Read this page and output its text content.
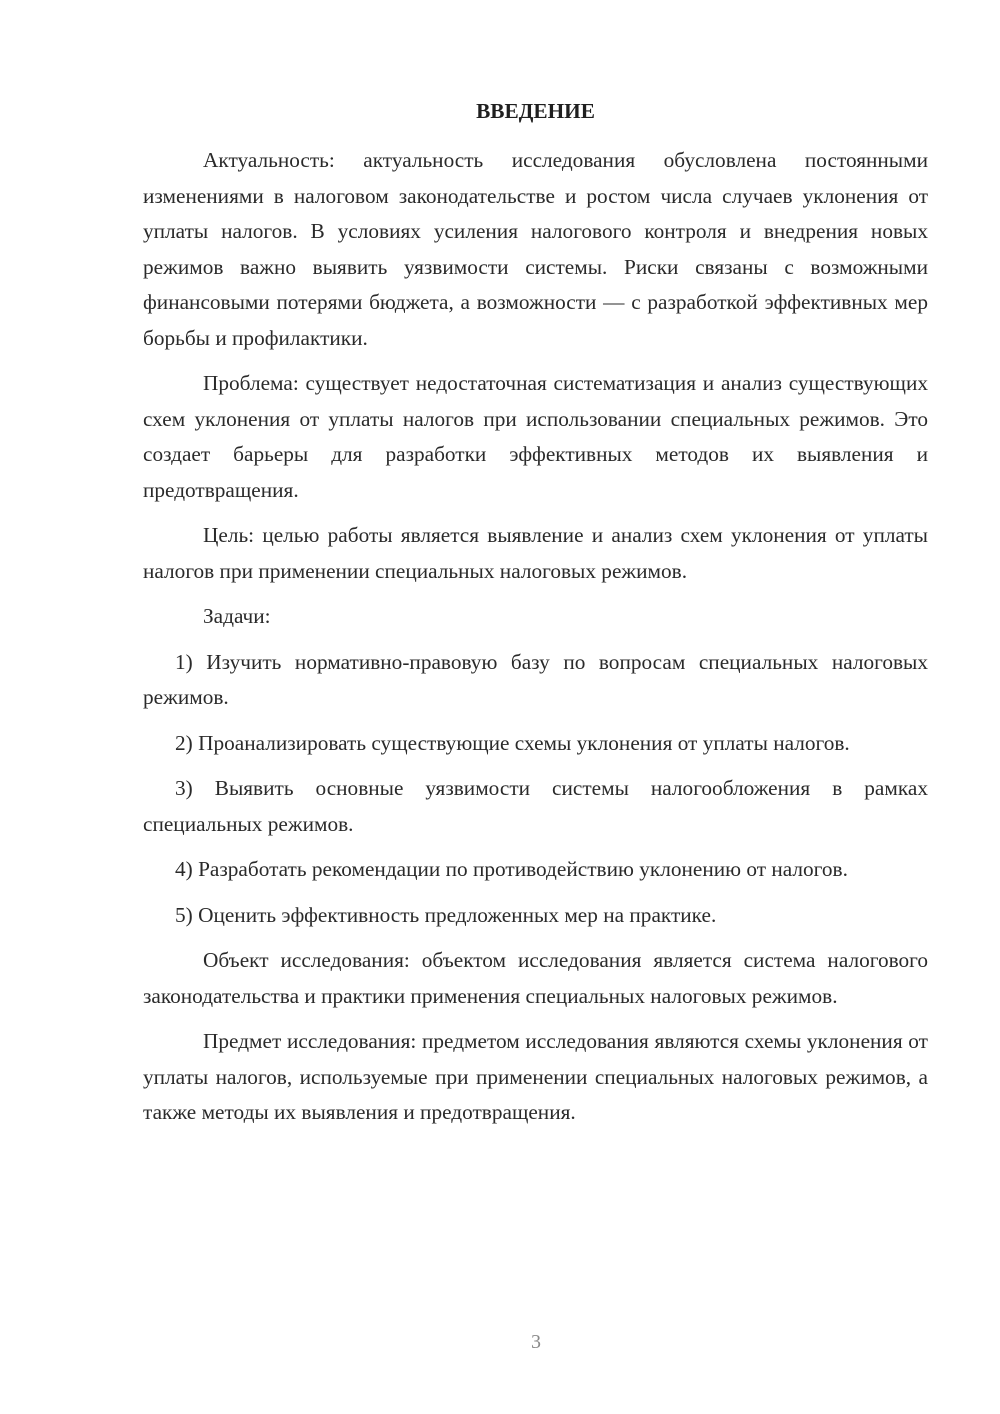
ВВЕДЕНИЕ

Актуальность: актуальность исследования обусловлена постоянными изменениями в налоговом законодательстве и ростом числа случаев уклонения от уплаты налогов. В условиях усиления налогового контроля и внедрения новых режимов важно выявить уязвимости системы. Риски связаны с возможными финансовыми потерями бюджета, а возможности — с разработкой эффективных мер борьбы и профилактики.

Проблема: существует недостаточная систематизация и анализ существующих схем уклонения от уплаты налогов при использовании специальных режимов. Это создает барьеры для разработки эффективных методов их выявления и предотвращения.

Цель: целью работы является выявление и анализ схем уклонения от уплаты налогов при применении специальных налоговых режимов.

Задачи:

1) Изучить нормативно-правовую базу по вопросам специальных налоговых режимов.

2) Проанализировать существующие схемы уклонения от уплаты налогов.

3) Выявить основные уязвимости системы налогообложения в рамках специальных режимов.

4) Разработать рекомендации по противодействию уклонению от налогов.

5) Оценить эффективность предложенных мер на практике.

Объект исследования: объектом исследования является система налогового законодательства и практики применения специальных налоговых режимов.

Предмет исследования: предметом исследования являются схемы уклонения от уплаты налогов, используемые при применении специальных налоговых режимов, а также методы их выявления и предотвращения.

3
